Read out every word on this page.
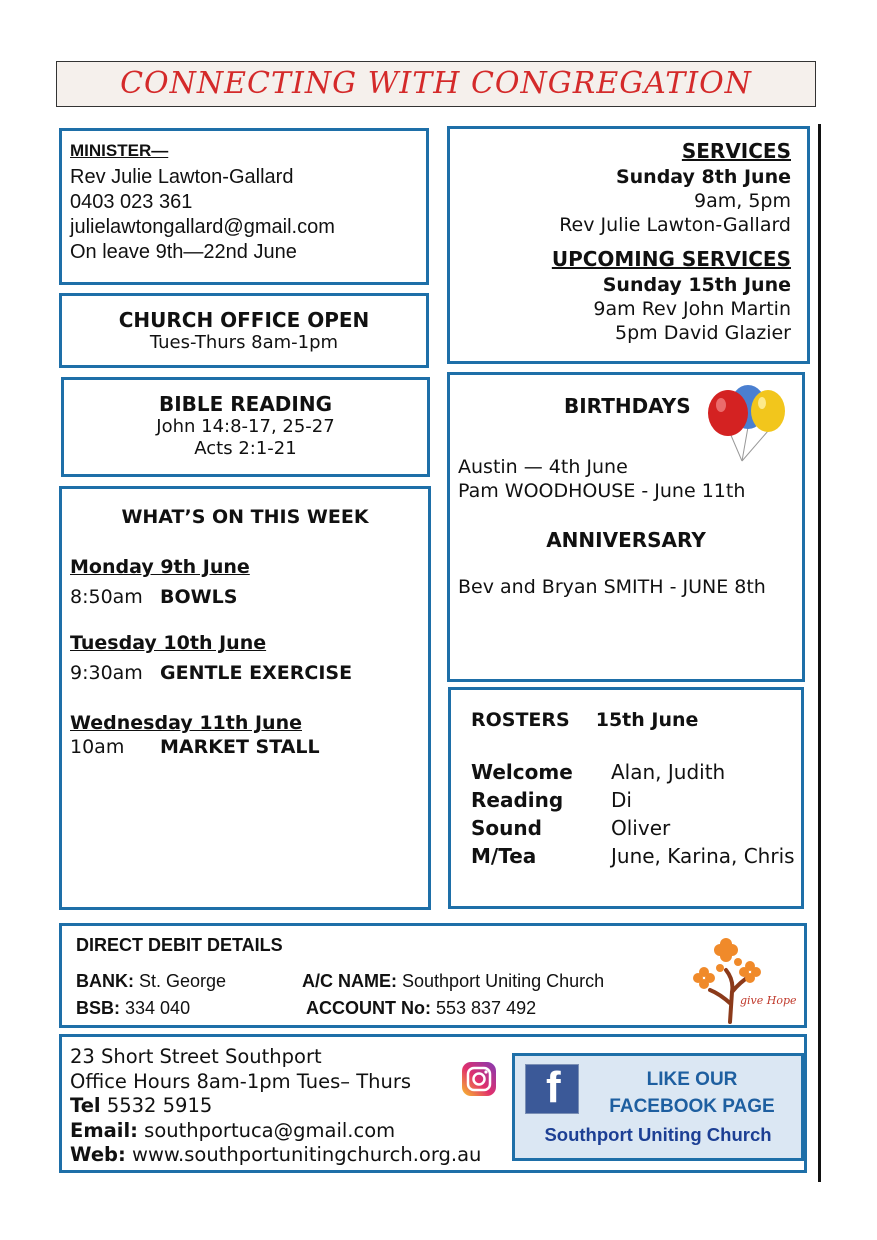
CONNECTING WITH CONGREGATION
MINISTER—
Rev Julie Lawton-Gallard
0403 023 361
julielawtongallard@gmail.com
On leave 9th—22nd June
SERVICES
Sunday 8th June
9am, 5pm
Rev Julie Lawton-Gallard
UPCOMING SERVICES
Sunday 15th June
9am Rev John Martin
5pm David Glazier
CHURCH OFFICE OPEN
Tues-Thurs 8am-1pm
BIBLE READING
John 14:8-17, 25-27
Acts 2:1-21
WHAT’S ON THIS WEEK
Monday 9th June
8:50am BOWLS
Tuesday 10th June
9:30am GENTLE EXERCISE
Wednesday 11th June
10am	MARKET STALL
BIRTHDAYS
Austin — 4th June
Pam WOODHOUSE - June 11th
ANNIVERSARY
Bev and Bryan SMITH - JUNE 8th
ROSTERS 15th June
Welcome	Alan, Judith
Reading	Di
Sound	Oliver
M/Tea	June, Karina, Chris
DIRECT DEBIT DETAILS
BANK: St. George	A/C NAME: Southport Uniting Church
BSB: 334 040	ACCOUNT No: 553 837 492	give Hope
23 Short Street Southport
Office Hours 8am-1pm Tues– Thurs
Tel 5532 5915
Email: southportuca@gmail.com
Web: www.southportunitingchurch.org.au
f	LIKE OUR
FACEBOOK PAGE
Southport Uniting Church
